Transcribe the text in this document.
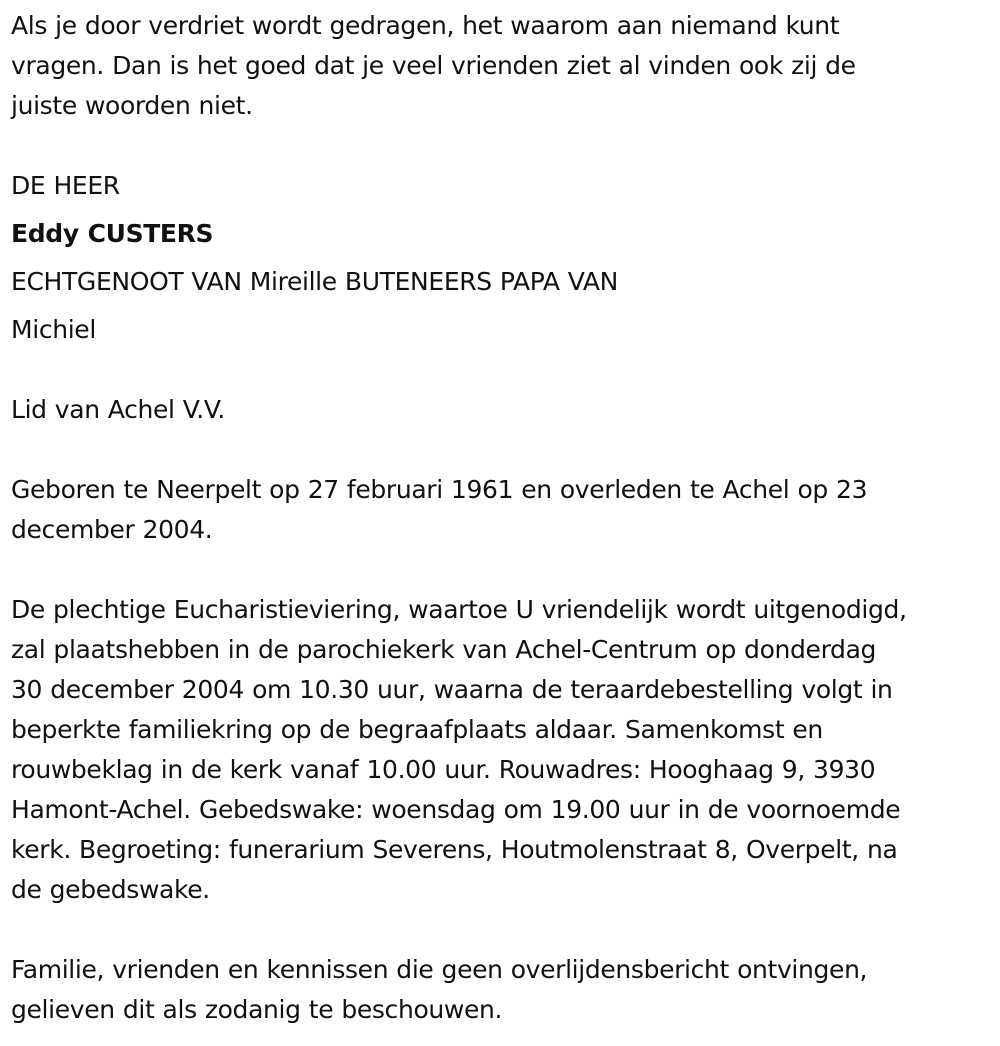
Als je door verdriet wordt gedragen, het waarom aan niemand kunt
vragen. Dan is het goed dat je veel vrienden ziet al vinden ook zij de
juiste woorden niet.

DE HEER

Eddy CUSTERS

ECHTGENOOT VAN Mireille BUTENEERS PAPA VAN

Michiel

Lid van Achel V.V.

Geboren te Neerpelt op 27 februari 1961 en overleden te Achel op 23
december 2004.

De plechtige Eucharistieviering, waartoe U vriendelijk wordt uitgenodigd,
zal plaatshebben in de parochiekerk van Achel-Centrum op donderdag
30 december 2004 om 10.30 uur, waarna de teraardebestelling volgt in
beperkte familiekring op de begraafplaats aldaar. Samenkomst en
rouwbeklag in de kerk vanaf 10.00 uur. Rouwadres: Hooghaag 9, 3930
Hamont-Achel. Gebedswake: woensdag om 19.00 uur in de voornoemde
kerk. Begroeting: funerarium Severens, Houtmolenstraat 8, Overpelt, na
de gebedswake.

Familie, vrienden en kennissen die geen overlijdensbericht ontvingen,
gelieven dit als zodanig te beschouwen.
